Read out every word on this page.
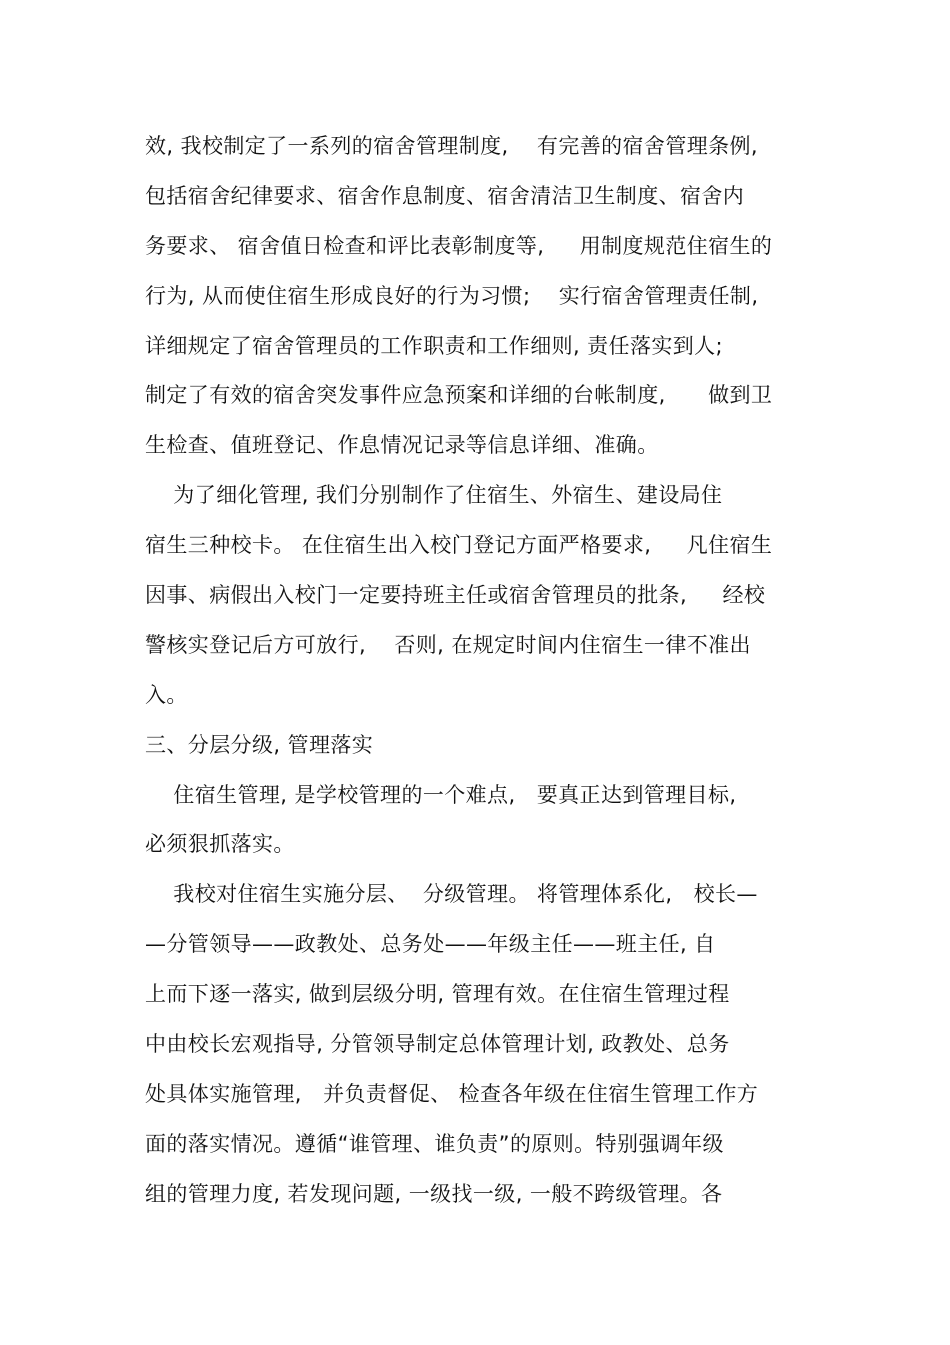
效, 我校制定了一系列的宿舍管理制度,    有完善的宿舍管理条例,
包括宿舍纪律要求、宿舍作息制度、宿舍清洁卫生制度、宿舍内
务要求、 宿舍值日检查和评比表彰制度等,     用制度规范住宿生的
行为, 从而使住宿生形成良好的行为习惯;    实行宿舍管理责任制,
详细规定了宿舍管理员的工作职责和工作细则, 责任落实到人;
制定了有效的宿舍突发事件应急预案和详细的台帐制度,      做到卫
生检查、值班登记、作息情况记录等信息详细、准确。
为了细化管理, 我们分别制作了住宿生、外宿生、建设局住
宿生三种校卡。 在住宿生出入校门登记方面严格要求,     凡住宿生
因事、病假出入校门一定要持班主任或宿舍管理员的批条,     经校
警核实登记后方可放行,    否则, 在规定时间内住宿生一律不准出
入。
三、分层分级, 管理落实
住宿生管理, 是学校管理的一个难点,   要真正达到管理目标,
必须狠抓落实。
我校对住宿生实施分层、  分级管理。 将管理体系化,   校长—
—分管领导——政教处、总务处——年级主任——班主任, 自
上而下逐一落实, 做到层级分明, 管理有效。在住宿生管理过程
中由校长宏观指导, 分管领导制定总体管理计划, 政教处、总务
处具体实施管理,   并负责督促、 检查各年级在住宿生管理工作方
面的落实情况。遵循“谁管理、谁负责”的原则。特别强调年级
组的管理力度, 若发现问题, 一级找一级, 一般不跨级管理。各
